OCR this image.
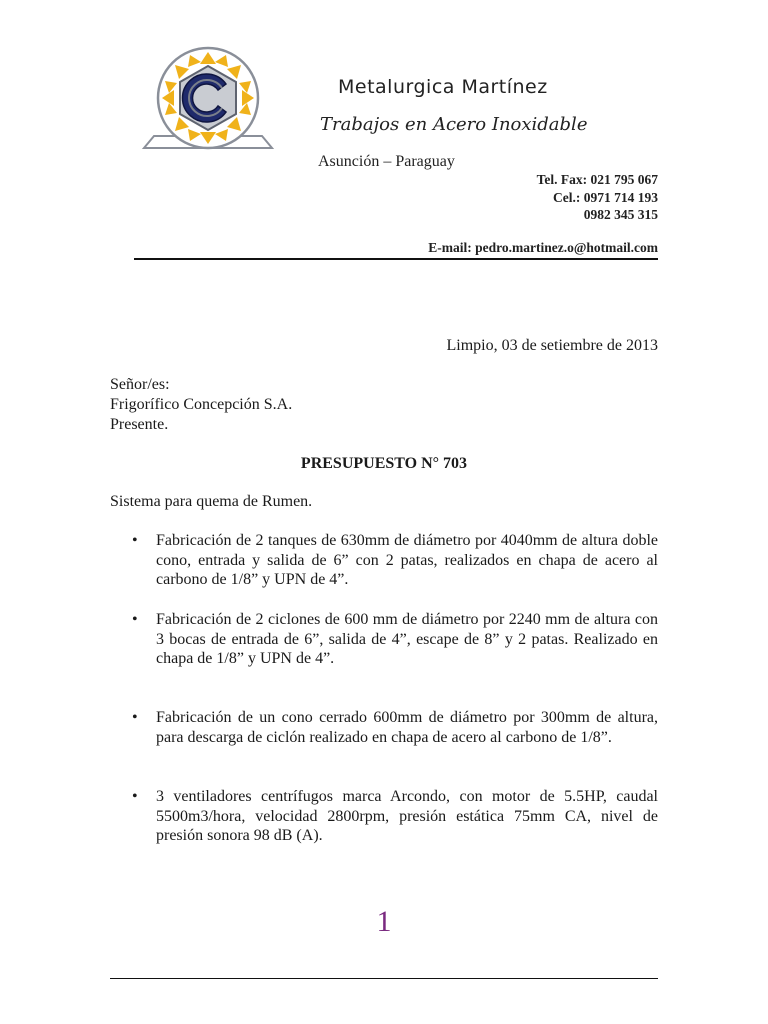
Metalurgica Martínez
Trabajos en Acero Inoxidable
Asunción – Paraguay
Tel. Fax: 021 795 067
Cel.: 0971 714 193
0982 345 315
E-mail: pedro.martinez.o@hotmail.com
Limpio, 03 de setiembre de 2013
Señor/es:
Frigorífico Concepción S.A.
Presente.
PRESUPUESTO N° 703
Sistema para quema de Rumen.
• Fabricación de 2 tanques de 630mm de diámetro por 4040mm de altura doble cono, entrada y salida de 6” con 2 patas, realizados en chapa de acero al carbono de 1/8” y UPN de 4”.
• Fabricación de 2 ciclones de 600 mm de diámetro por 2240 mm de altura con 3 bocas de entrada de 6”, salida de 4”, escape de 8” y 2 patas. Realizado en chapa de 1/8” y UPN de 4”.
• Fabricación de un cono cerrado 600mm de diámetro por 300mm de altura, para descarga de ciclón realizado en chapa de acero al carbono de 1/8”.
• 3 ventiladores centrífugos marca Arcondo, con motor de 5.5HP, caudal 5500m3/hora, velocidad 2800rpm, presión estática 75mm CA, nivel de presión sonora 98 dB (A).
1
